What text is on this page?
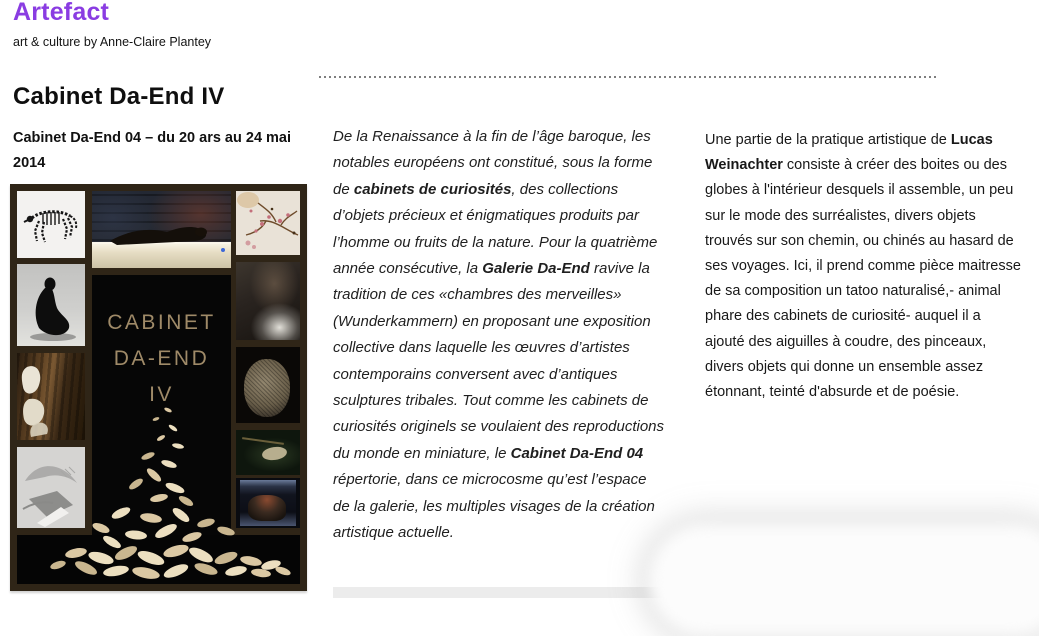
Artefact
art & culture by Anne-Claire Plantey
Cabinet Da-End IV
Cabinet Da-End 04 – du 20 ars au 24 mai 2014
CABINET
DA-END
IV

De la Renaissance à la fin de l’âge baroque, les notables européens ont constitué, sous la forme de cabinets de curiosités, des collections d’objets précieux et énigmatiques produits par l’homme ou fruits de la nature. Pour la quatrième année consécutive, la Galerie Da-End ravive la tradition de ces «chambres des merveilles» (Wunderkammern) en proposant une exposition collective dans laquelle les œuvres d’artistes contemporains conversent avec d’antiques sculptures tribales. Tout comme les cabinets de curiosités originels se voulaient des reproductions du monde en miniature, le Cabinet Da-End 04 répertorie, dans ce microcosme qu’est l’espace de la galerie, les multiples visages de la création artistique actuelle.

Une partie de la pratique artistique de Lucas Weinachter consiste à créer des boites ou des globes à l'intérieur desquels il assemble, un peu sur le mode des surréalistes, divers objets trouvés sur son chemin, ou chinés au hasard de ses voyages. Ici, il prend comme pièce maitresse de sa composition un tatoo naturalisé,- animal phare des cabinets de curiosité- auquel il a ajouté des aiguilles à coudre, des pinceaux, divers objets qui donne un ensemble assez étonnant, teinté d'absurde et de poésie.
